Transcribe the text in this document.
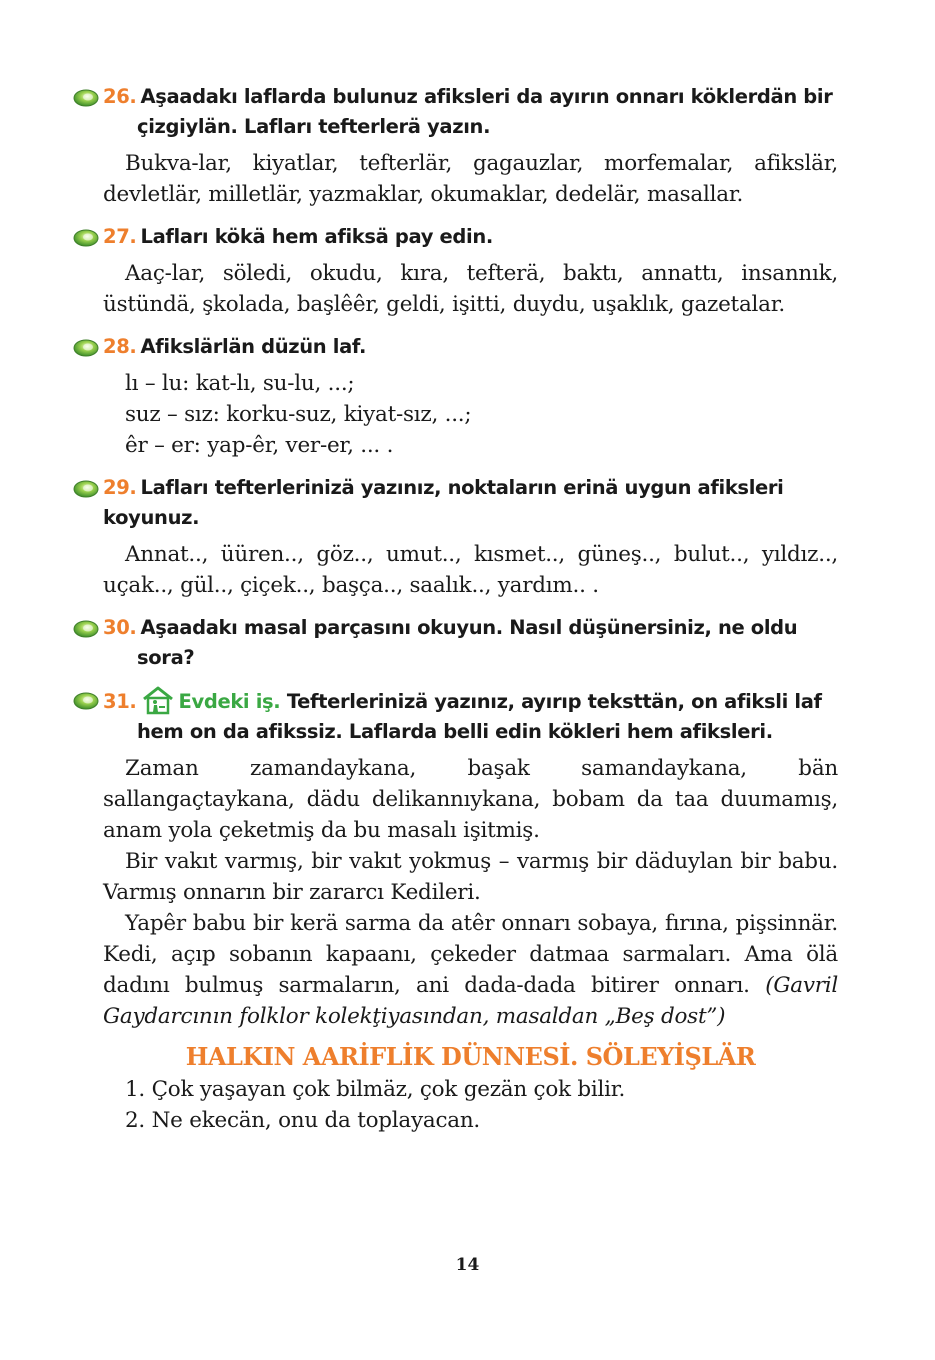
26. Aşaadakı laflarda bulunuz afiksleri da ayırın onnarı köklerdän bir çizgiylän. Lafları tefterlerä yazın.
Bukva-lar, kiyatlar, tefterlär, gagauzlar, morfemalar, afikslär, devletlär, milletlär, yazmaklar, okumaklar, dedelär, masallar.
27. Lafları kökä hem afiksä pay edin.
Aaç-lar, söledi, okudu, kıra, tefterä, baktı, annattı, insannık, üstündä, şkolada, başlêêr, geldi, işitti, duydu, uşaklık, gazetalar.
28. Afikslärlän düzün laf.
lı – lu: kat-lı, su-lu, ...;
suz – sız: korku-suz, kiyat-sız, ...;
êr – er: yap-êr, ver-er, ... .
29. Lafları tefterlerinizä yazınız, noktaların erinä uygun afiksleri koyunuz.
Annat.., üüren.., göz.., umut.., kısmet.., güneş.., bulut.., yıldız.., uçak.., gül.., çiçek.., başça.., saalık.., yardım.. .
30. Aşaadakı masal parçasını okuyun. Nasıl düşünersiniz, ne oldu sora?
31. Evdeki iş. Tefterlerinizä yazınız, ayırıp teksttän, on afiksli laf hem on da afikssiz. Laflarda belli edin kökleri hem afiksleri.
Zaman zamandaykana, başak samandaykana, bän sallangaçtaykana, dädu delikannıykana, bobam da taa duumamış, anam yola çeketmiş da bu masalı işitmiş.
Bir vakıt varmış, bir vakıt yokmuş – varmış bir däduylan bir babu. Varmış onnarın bir zararcı Kedileri.
Yapêr babu bir kerä sarma da atêr onnarı sobaya, fırına, pişsinnär. Kedi, açıp sobanın kapaanı, çekeder datmaa sarmaları. Ama ölä dadını bulmuş sarmaların, ani dada-dada bitirer onnarı. (Gavril Gaydarcının folklor kolekţiyasından, masaldan „Beş dost”)
HALKIN AARİFLİK DÜNNESİ. SÖLEYİŞLÄR
1. Çok yaşayan çok bilmäz, çok gezän çok bilir.
2. Ne ekecän, onu da toplayacan.
14
